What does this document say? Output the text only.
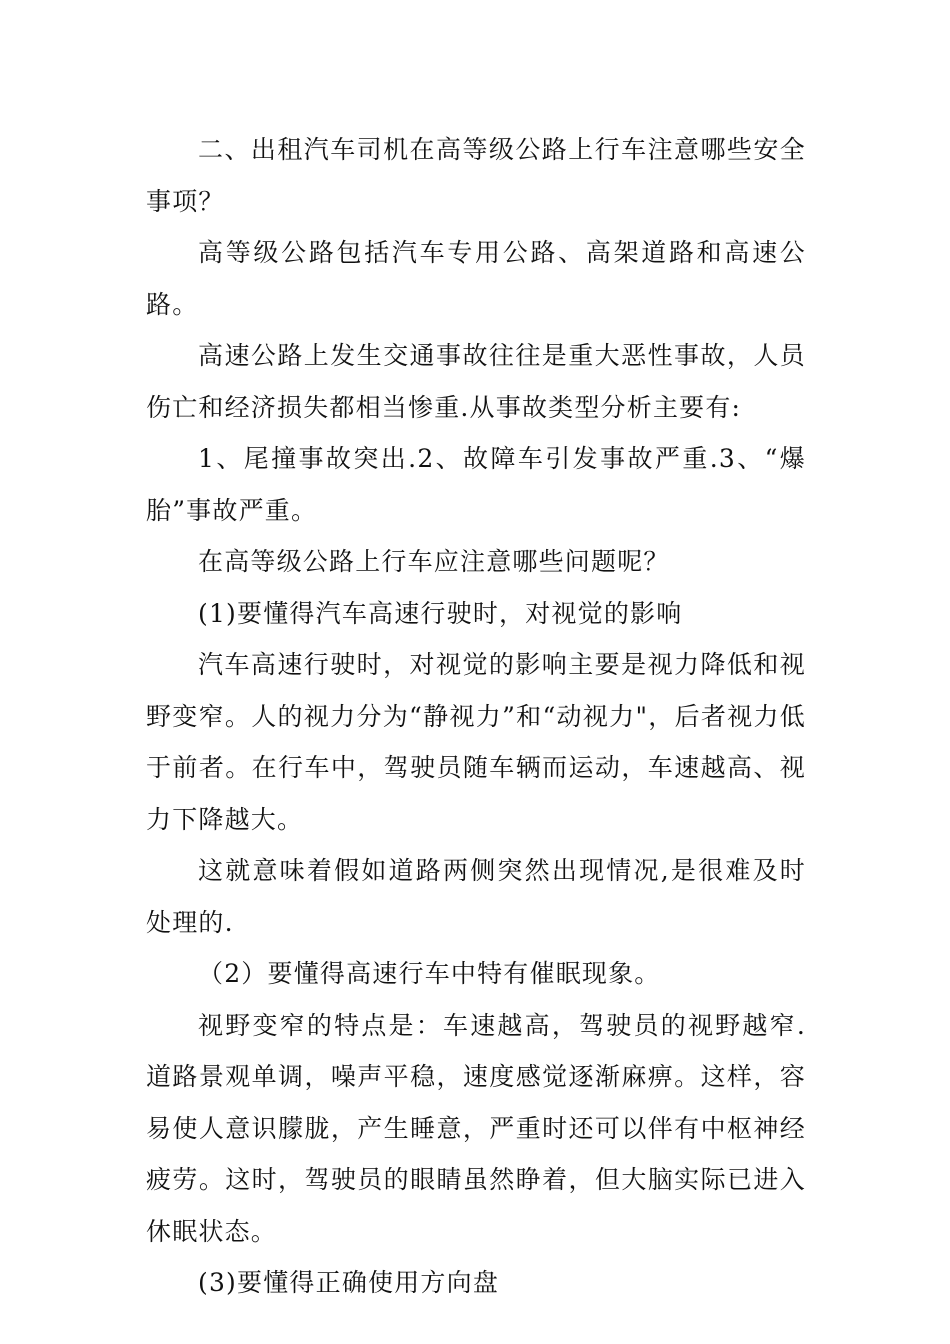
二、出租汽车司机在高等级公路上行车注意哪些安全事项？

高等级公路包括汽车专用公路、高架道路和高速公路。

高速公路上发生交通事故往往是重大恶性事故，人员伤亡和经济损失都相当惨重.从事故类型分析主要有:

1、尾撞事故突出.2、故障车引发事故严重.3、“爆胎”事故严重。

在高等级公路上行车应注意哪些问题呢？

(1)要懂得汽车高速行驶时，对视觉的影响

汽车高速行驶时，对视觉的影响主要是视力降低和视野变窄。人的视力分为“静视力”和“动视力"，后者视力低于前者。在行车中，驾驶员随车辆而运动，车速越高、视力下降越大。

这就意味着假如道路两侧突然出现情况,是很难及时处理的.

（2）要懂得高速行车中特有催眠现象。

视野变窄的特点是：车速越高，驾驶员的视野越窄.道路景观单调，噪声平稳，速度感觉逐渐麻痹。这样，容易使人意识朦胧，产生睡意，严重时还可以伴有中枢神经疲劳。这时，驾驶员的眼睛虽然睁着，但大脑实际已进入休眠状态。

(3)要懂得正确使用方向盘
